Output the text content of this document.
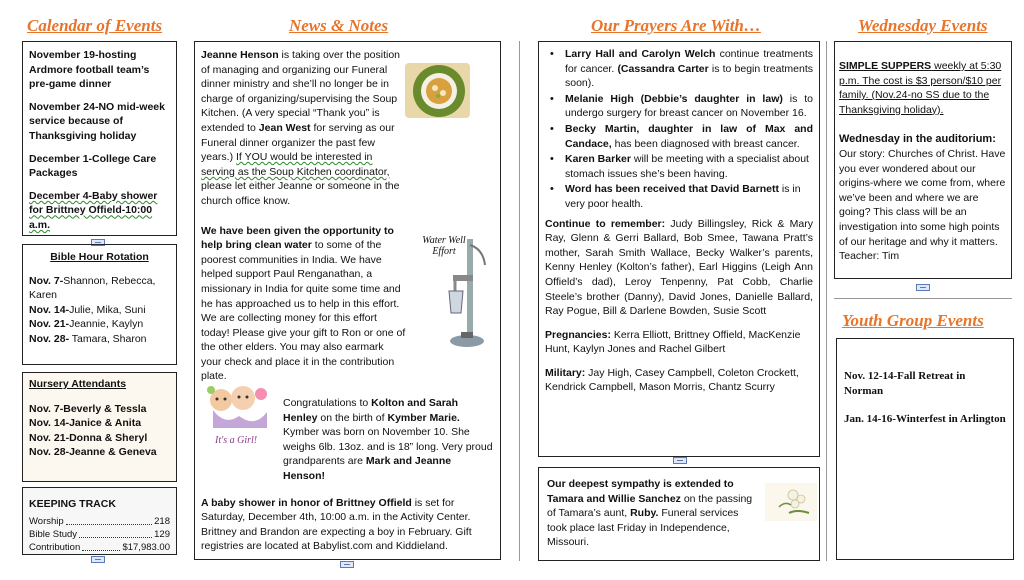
Calendar of Events	News & Notes	Our Prayers Are With…	Wednesday Events
Youth Group Events
November 19-hosting Ardmore football team’s pre-game dinner
November 24-NO mid-week service because of Thanksgiving holiday
December 1-College Care Packages
December 4-Baby shower for Brittney Offield-10:00 a.m.
Bible Hour Rotation
Nov. 7-Shannon, Rebecca, Karen
Nov. 14-Julie, Mika, Suni
Nov. 21-Jeannie, Kaylyn
Nov. 28- Tamara, Sharon
Nursery Attendants
Nov. 7-Beverly & Tessla
Nov. 14-Janice & Anita
Nov. 21-Donna & Sheryl
Nov. 28-Jeanne & Geneva
KEEPING TRACK
Worship	218
Bible Study	129
Contribution	$17,983.00
Jeanne Henson is taking over the position of managing and organizing our Funeral dinner ministry and she’ll no longer be in charge of organizing/supervising the Soup Kitchen. (A very special “Thank you” is extended to Jean West for serving as our Funeral dinner organizer the past few years.) If YOU would be interested in serving as the Soup Kitchen coordinator, please let either Jeanne or someone in the church office know.
Water Well Effort
We have been given the opportunity to help bring clean water to some of the poorest communities in India. We have helped support Paul Renganathan, a missionary in India for quite some time and he has approached us to help in this effort. We are collecting money for this effort today! Please give your gift to Ron or one of the other elders. You may also earmark your check and place it in the contribution plate.
It's a Girl!
Congratulations to Kolton and Sarah Henley on the birth of Kymber Marie. Kymber was born on November 10. She weighs 6lb. 13oz. and is 18” long. Very proud grandparents are Mark and Jeanne Henson!
A baby shower in honor of Brittney Offield is set for Saturday, December 4th, 10:00 a.m. in the Activity Center. Brittney and Brandon are expecting a boy in February. Gift registries are located at Babylist.com and Kiddieland.
• Larry Hall and Carolyn Welch continue treatments for cancer. (Cassandra Carter is to begin treatments soon).
• Melanie High (Debbie’s daughter in law) is to undergo surgery for breast cancer on November 16.
• Becky Martin, daughter in law of Max and Candace, has been diagnosed with breast cancer.
• Karen Barker will be meeting with a specialist about stomach issues she’s been having.
• Word has been received that David Barnett is in very poor health.
Continue to remember: Judy Billingsley, Rick & Mary Ray, Glenn & Gerri Ballard, Bob Smee, Tawana Pratt’s mother, Sarah Smith Wallace, Becky Walker’s parents, Kenny Henley (Kolton’s father), Earl Higgins (Leigh Ann Offield’s dad), Leroy Tenpenny, Pat Cobb, Charlie Steele’s brother (Danny), David Jones, Danielle Ballard, Ray Pogue, Bill & Darlene Bowden, Susie Scott
Pregnancies: Kerra Elliott, Brittney Offield, MacKenzie Hunt, Kaylyn Jones and Rachel Gilbert
Military: Jay High, Casey Campbell, Coleton Crockett, Kendrick Campbell, Mason Morris, Chantz Scurry
Our deepest sympathy is extended to Tamara and Willie Sanchez on the passing of Tamara’s aunt, Ruby. Funeral services took place last Friday in Independence, Missouri.
SIMPLE SUPPERS weekly at 5:30 p.m. The cost is $3 person/$10 per family. (Nov.24-no SS due to the Thanksgiving holiday).
Wednesday in the auditorium:
Our story: Churches of Christ. Have you ever wondered about our origins-where we come from, where we’ve been and where we are going? This class will be an investigation into some high points of our heritage and why it matters. Teacher: Tim
Nov. 12-14-Fall Retreat in Norman
Jan. 14-16-Winterfest in Arlington
